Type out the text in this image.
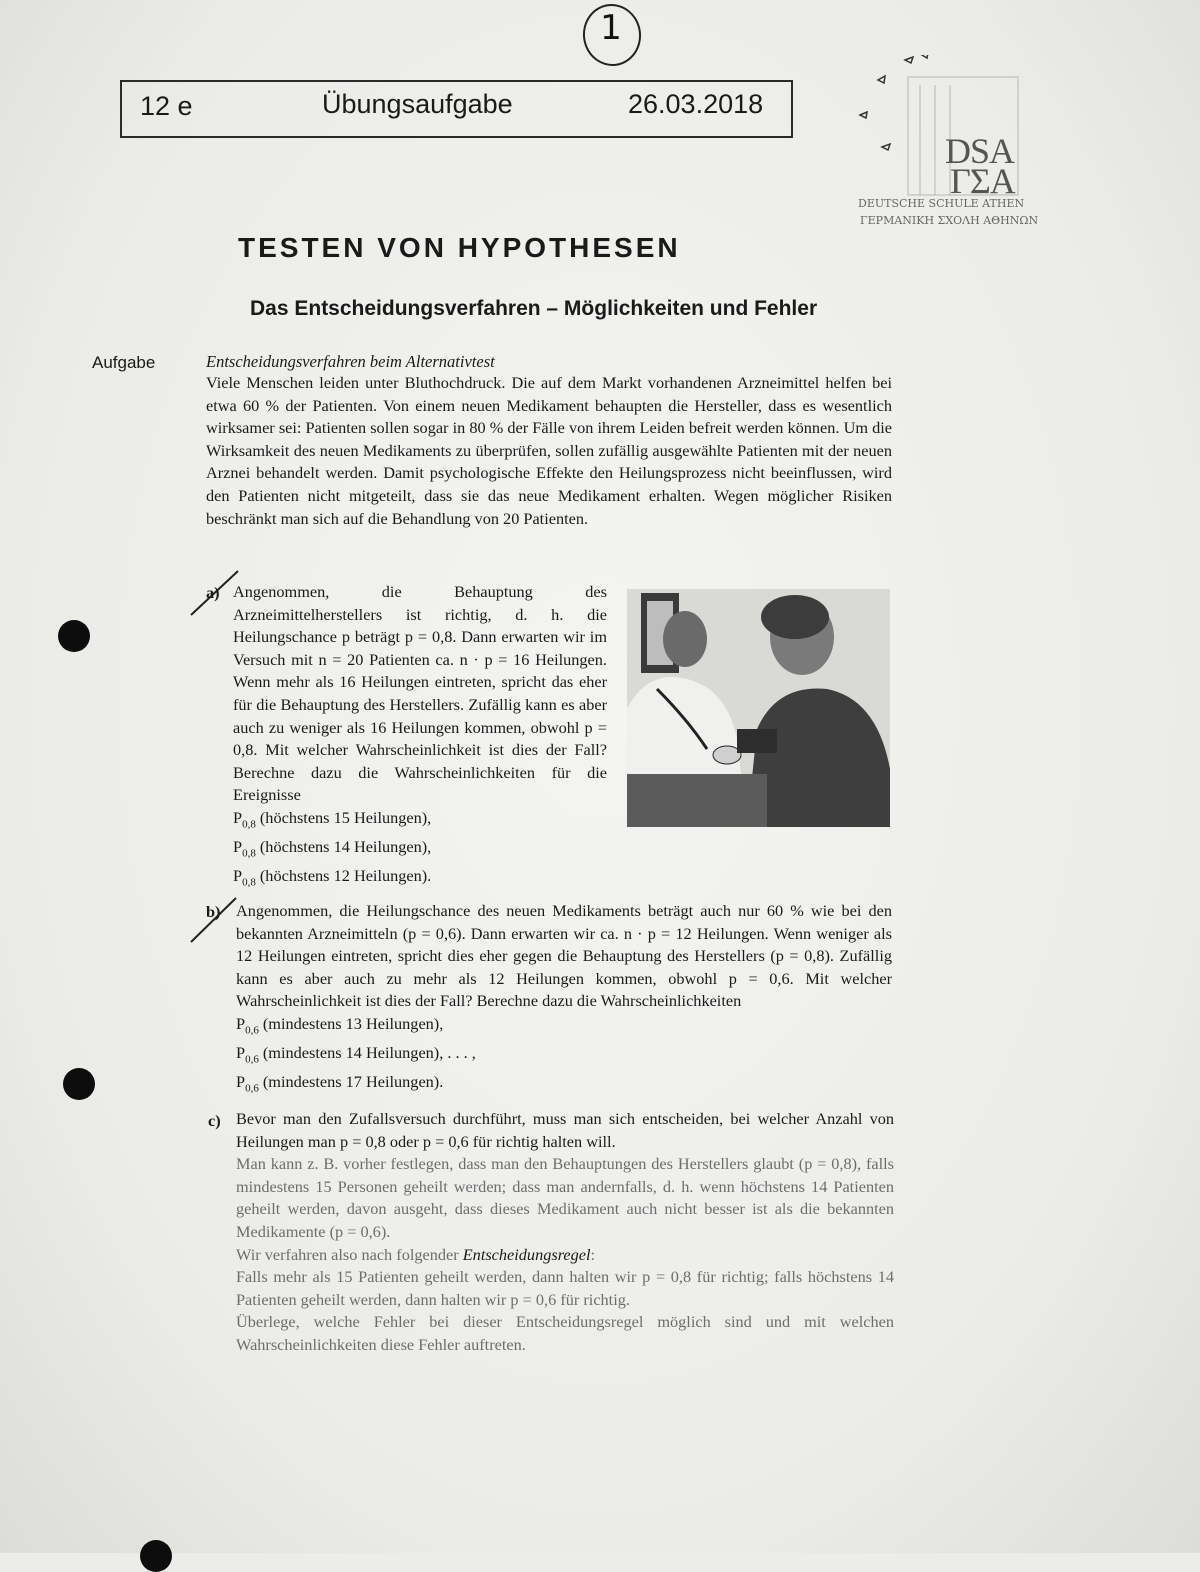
1
12 e	Übungsaufgabe	26.03.2018
DSA
ΓΣΑ
DEUTSCHE SCHULE ATHEN
ΓΕΡΜΑΝΙΚΗ ΣΧΟΛΗ ΑΘΗΝΩΝ
TESTEN VON HYPOTHESEN
Das Entscheidungsverfahren – Möglichkeiten und Fehler
Aufgabe	Entscheidungsverfahren beim Alternativtest
Viele Menschen leiden unter Bluthochdruck. Die auf dem Markt vorhandenen Arzneimittel helfen bei etwa 60 % der Patienten. Von einem neuen Medikament behaupten die Hersteller, dass es wesentlich wirksamer sei: Patienten sollen sogar in 80 % der Fälle von ihrem Leiden befreit werden können. Um die Wirksamkeit des neuen Medikaments zu überprüfen, sollen zufällig ausgewählte Patienten mit der neuen Arznei behandelt werden. Damit psychologische Effekte den Heilungsprozess nicht beeinflussen, wird den Patienten nicht mitgeteilt, dass sie das neue Medikament erhalten. Wegen möglicher Risiken beschränkt man sich auf die Behandlung von 20 Patienten.
a) Angenommen, die Behauptung des Arzneimittelherstellers ist richtig, d. h. die Heilungschance p beträgt p = 0,8. Dann erwarten wir im Versuch mit n = 20 Patienten ca. n · p = 16 Heilungen. Wenn mehr als 16 Heilungen eintreten, spricht das eher für die Behauptung des Herstellers. Zufällig kann es aber auch zu weniger als 16 Heilungen kommen, obwohl p = 0,8. Mit welcher Wahrscheinlichkeit ist dies der Fall? Berechne dazu die Wahrscheinlichkeiten für die Ereignisse
$P_{0,8}$ (höchstens 15 Heilungen),
$P_{0,8}$ (höchstens 14 Heilungen),
$P_{0,8}$ (höchstens 12 Heilungen).
b) Angenommen, die Heilungschance des neuen Medikaments beträgt auch nur 60 % wie bei den bekannten Arzneimitteln (p = 0,6). Dann erwarten wir ca. n · p = 12 Heilungen. Wenn weniger als 12 Heilungen eintreten, spricht dies eher gegen die Behauptung des Herstellers (p = 0,8). Zufällig kann es aber auch zu mehr als 12 Heilungen kommen, obwohl p = 0,6. Mit welcher Wahrscheinlichkeit ist dies der Fall? Berechne dazu die Wahrscheinlichkeiten
$P_{0,6}$ (mindestens 13 Heilungen),
$P_{0,6}$ (mindestens 14 Heilungen), . . . ,
$P_{0,6}$ (mindestens 17 Heilungen).
c) Bevor man den Zufallsversuch durchführt, muss man sich entscheiden, bei welcher Anzahl von Heilungen man p = 0,8 oder p = 0,6 für richtig halten will.
Man kann z. B. vorher festlegen, dass man den Behauptungen des Herstellers glaubt (p = 0,8), falls mindestens 15 Personen geheilt werden; dass man andernfalls, d. h. wenn höchstens 14 Patienten geheilt werden, davon ausgeht, dass dieses Medikament auch nicht besser ist als die bekannten Medikamente (p = 0,6).
Wir verfahren also nach folgender Entscheidungsregel:
Falls mehr als 15 Patienten geheilt werden, dann halten wir p = 0,8 für richtig; falls höchstens 14 Patienten geheilt werden, dann halten wir p = 0,6 für richtig.
Überlege, welche Fehler bei dieser Entscheidungsregel möglich sind und mit welchen Wahrscheinlichkeiten diese Fehler auftreten.
